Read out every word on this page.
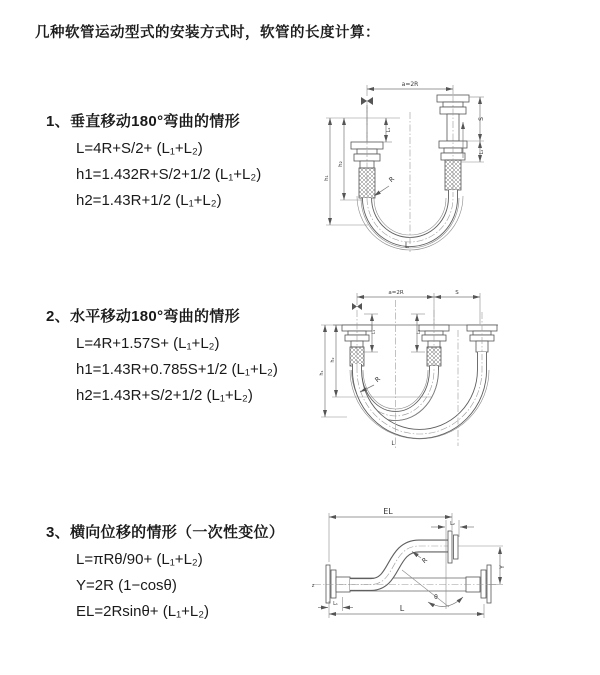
几种软管运动型式的安装方式时，软管的长度计算：
1、垂直移动180°弯曲的情形
L=4R+S/2+ (L₁+L₂)
h1=1.432R+S/2+1/2 (L₁+L₂)
h2=1.43R+1/2 (L₁+L₂)
2、水平移动180°弯曲的情形
L=4R+1.57S+ (L₁+L₂)
h1=1.43R+0.785S+1/2 (L₁+L₂)
h2=1.43R+S/2+1/2 (L₁+L₂)
3、横向位移的情形（一次性变位）
L=πRθ/90+ (L₁+L₂)
Y=2R (1−cosθ)
EL=2Rsinθ+ (L₁+L₂)
a=2R
h₂
h₁
L₁
S
L₂
R
L
a=2R	S
h₂
h₁
L₁	L₂
R
L
z
EL
L₂
Y
R
θ
L
L₁
